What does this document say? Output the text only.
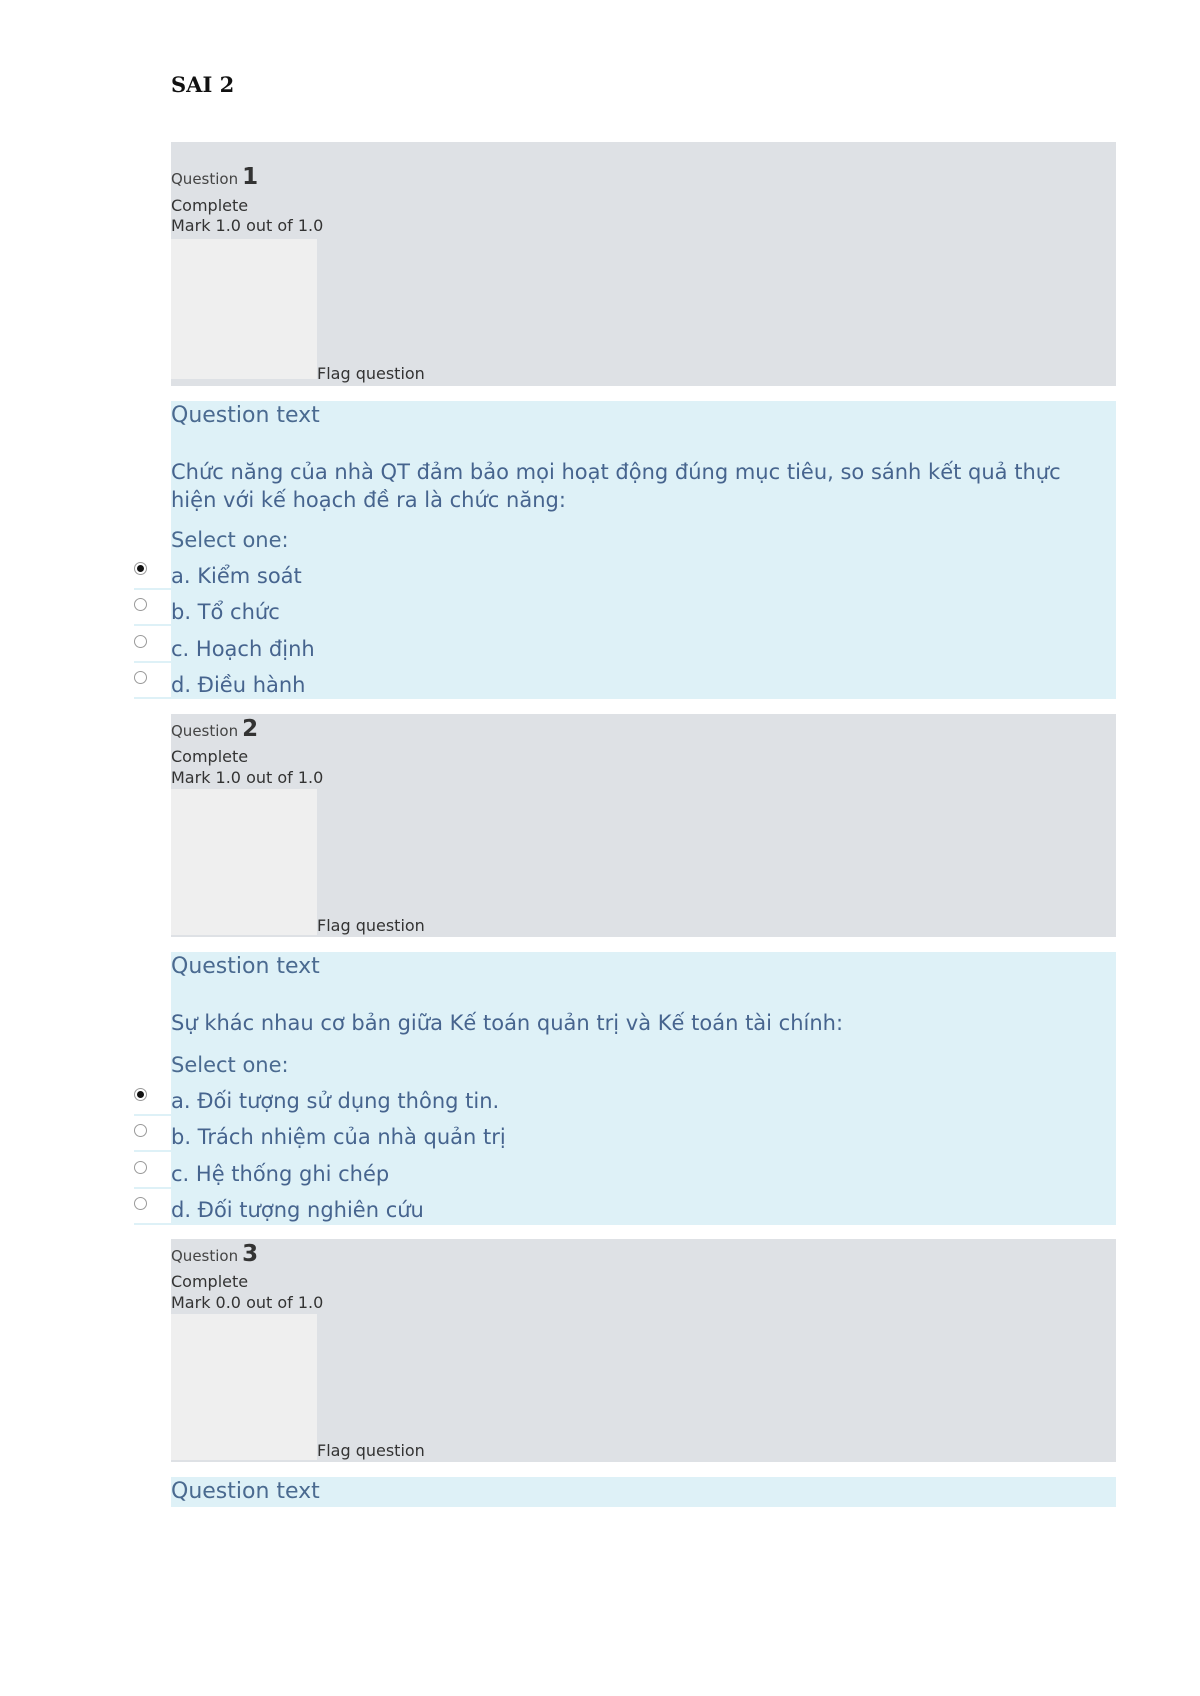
SAI 2
Question 1
Complete
Mark 1.0 out of 1.0
Flag question
Question text
Chức năng của nhà QT đảm bảo mọi hoạt động đúng mục tiêu, so sánh kết quả thực hiện với kế hoạch đề ra là chức năng:
Select one:
a. Kiểm soát
b. Tổ chức
c. Hoạch định
d. Điều hành
Question 2
Complete
Mark 1.0 out of 1.0
Flag question
Question text
Sự khác nhau cơ bản giữa Kế toán quản trị và Kế toán tài chính:
Select one:
a. Đối tượng sử dụng thông tin.
b. Trách nhiệm của nhà quản trị
c. Hệ thống ghi chép
d. Đối tượng nghiên cứu
Question 3
Complete
Mark 0.0 out of 1.0
Flag question
Question text
